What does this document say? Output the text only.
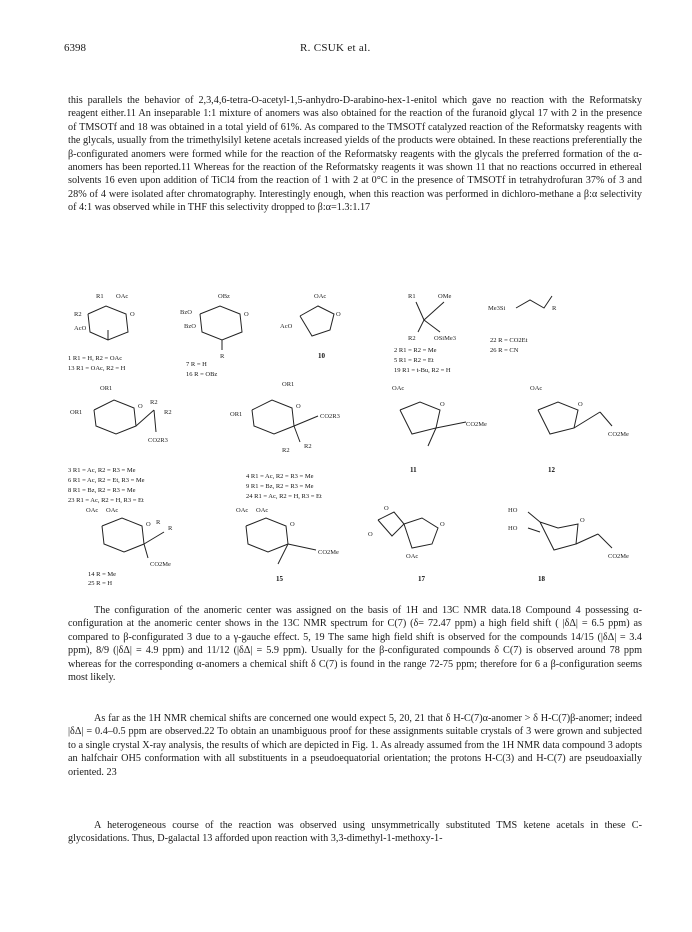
6398	R. CSUK et al.

this parallels the behavior of 2,3,4,6-tetra-O-acetyl-1,5-anhydro-D-arabino-hex-1-enitol which gave no reaction with the Reformatsky reagent either.11 An inseparable 1:1 mixture of anomers was also obtained for the reaction of the furanoid glycal 17 with 2 in the presence of TMSOTf and 18 was obtained in a total yield of 61%. As compared to the TMSOTf catalyzed reaction of the Reformatsky reagents with the glycals, usually from the trimethylsilyl ketene acetals increased yields of the products were obtained. In these reactions preferentially the β-configurated anomers were formed while for the reaction of the Reformatsky reagents with the glycals the preferred formation of the α-anomers has been reported.11 Whereas for the reaction of the Reformatsky reagents it was shown 11 that no reactions occurred in ethereal solvents 16 even upon addition of TiCl4 from the reaction of 1 with 2 at 0°C in the presence of TMSOTf in tetrahydrofuran 37% of 3 and 28% of 4 were isolated after chromatography. Interestingly enough, when this reaction was performed in dichloro-methane a β:α selectivity of 4:1 was observed while in THF this selectivity dropped to β:α=1.3:1.17

R1 OAc
R2
AcO
O
1 R1 = H, R2 = OAc
13 R1 = OAc, R2 = H
OBz
BzO
BzO
O
R
7 R = H
16 R = OBz
OAc
AcO
O
10
R1	OMe
R2	OSiMe3
2 R1 = R2 = Me
5 R1 = R2 = Et
19 R1 = t-Bu, R2 = H
Me3Si	R
22 R = CO2Et
26 R = CN
OR1
OR1
O
R2
R2
CO2R3
3 R1 = Ac, R2 = R3 = Me
6 R1 = Ac, R2 = Et, R3 = Me
8 R1 = Bz, R2 = R3 = Me
23 R1 = Ac, R2 = H, R3 = Et
OR1
OR1
O
CO2R3
R2
R2
4 R1 = Ac, R2 = R3 = Me
9 R1 = Bz, R2 = R3 = Me
24 R1 = Ac, R2 = H, R3 = Et
OAc
O
CO2Me
11
OAc
O
CO2Me
12
OAc OAc
O R
R
CO2Me
14 R = Me
25 R = H
OAc OAc
O
CO2Me
15
O
O
O
OAc
17
HO
HO
O
CO2Me
18

The configuration of the anomeric center was assigned on the basis of 1H and 13C NMR data.18 Compound 4 possessing α-configuration at the anomeric center shows in the 13C NMR spectrum for C(7) (δ= 72.47 ppm) a high field shift ( |δΔ| = 6.5 ppm) as compared to β-configurated 3 due to a γ-gauche effect. 5, 19 The same high field shift is observed for the compounds 14/15 (|δΔ| = 3.4 ppm), 8/9 (|δΔ| = 4.9 ppm) and 11/12 (|δΔ| = 5.9 ppm). Usually for the β-configurated compounds δ C(7) is observed around 78 ppm whereas for the corresponding α-anomers a chemical shift δ C(7) is found in the range 72-75 ppm; therefore for 6 a β-configuration seems most likely.

As far as the 1H NMR chemical shifts are concerned one would expect 5, 20, 21 that δ H-C(7)α-anomer > δ H-C(7)β-anomer; indeed |δΔ| = 0.4–0.5 ppm are observed.22 To obtain an unambiguous proof for these assignments suitable crystals of 3 were grown and subjected to a single crystal X-ray analysis, the results of which are depicted in Fig. 1. As already assumed from the 1H NMR data compound 3 adopts an halfchair OH5 conformation with all substituents in a pseudoequatorial orientation; the protons H-C(3) and H-C(7) are pseudoaxially oriented. 23

A heterogeneous course of the reaction was observed using unsymmetrically substituted TMS ketene acetals in these C-glycosidations. Thus, D-galactal 13 afforded upon reaction with 3,3-dimethyl-1-methoxy-1-
